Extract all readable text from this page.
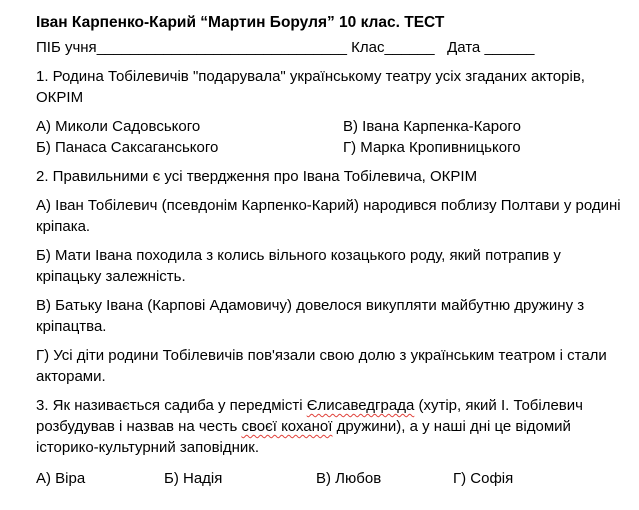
Іван Карпенко-Карий “Мартин Боруля” 10 клас. ТЕСТ
ПІБ учня______________________________ Клас______ Дата ______
1. Родина Тобілевичів "подарувала" українському театру усіх згаданих акторів, ОКРІМ
А) Миколи Садовського	В) Івана Карпенка-Карого
Б) Панаса Саксаганського	Г) Марка Кропивницького
2. Правильними є усі твердження про Івана Тобілевича, ОКРІМ
А) Іван Тобілевич (псевдонім Карпенко-Карий) народився поблизу Полтави у родині кріпака.
Б) Мати Івана походила з колись вільного козацького роду, який потрапив у кріпацьку залежність.
В) Батьку Івана (Карпові Адамовичу) довелося викупляти майбутню дружину з кріпацтва.
Г) Усі діти родини Тобілевичів пов'язали свою долю з українським театром і стали акторами.
3. Як називається садиба у передмісті Єлисаведграда (хутір, який І. Тобілевич розбудував і назвав на честь своєї коханої дружини), а у наші дні це відомий історико-культурний заповідник.
А) Віра	Б) Надія	В) Любов	Г) Софія
